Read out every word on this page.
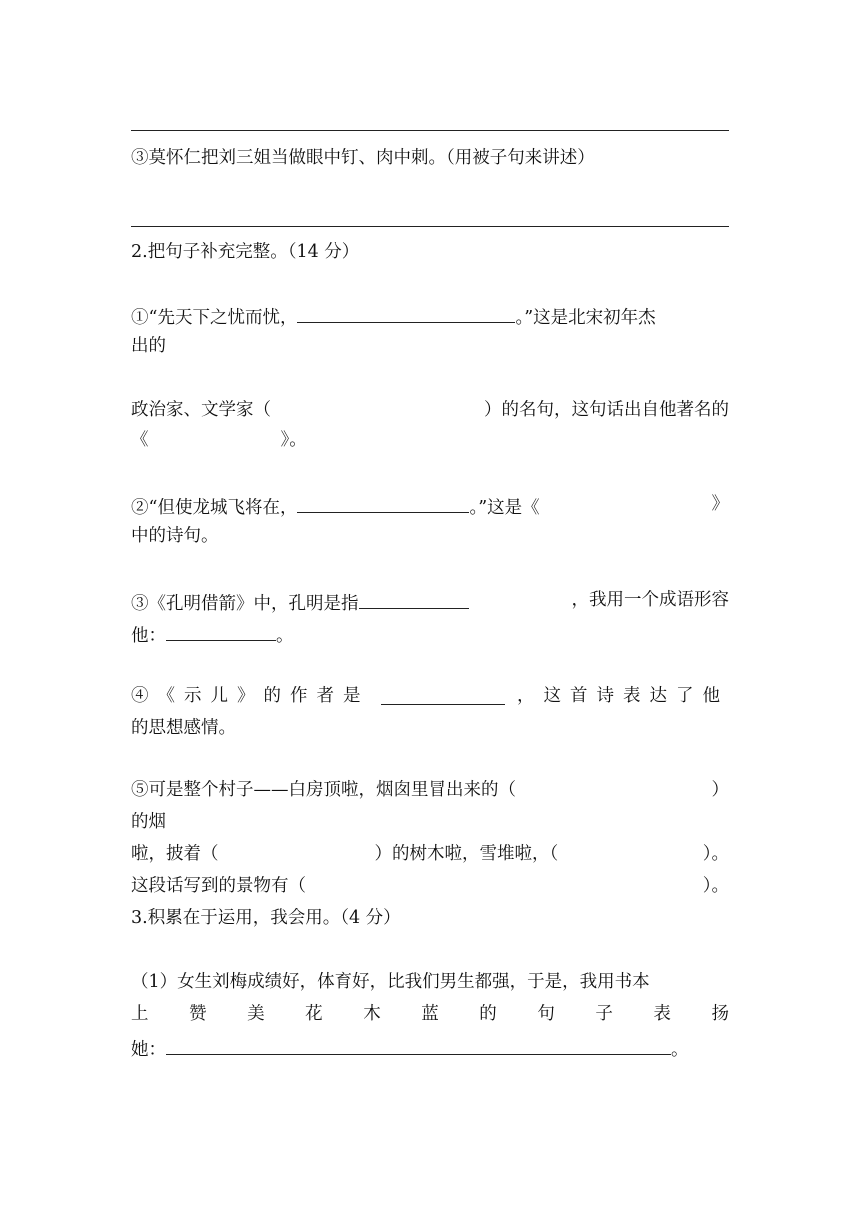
③莫怀仁把刘三姐当做眼中钉、肉中刺。（用被子句来讲述）
2.把句子补充完整。（14 分）
①“先天下之忧而忧，	。”这是北宋初年杰
出的
政治家、文学家（	）的名句，这句话出自他著名的
《	》。
②“但使龙城飞将在，	。”这是《	》
中的诗句。
③《孔明借箭》中，孔明是指	，我用一个成语形容
他：	。
④《示儿》的作者是	，这首诗表达了他
的思想感情。
⑤可是整个村子——白房顶啦，烟囱里冒出来的（	）
的烟
啦，披着（	）的树木啦，雪堆啦，（	）。
这段话写到的景物有（	）。
3.积累在于运用，我会用。（4 分）
（1）女生刘梅成绩好，体育好，比我们男生都强，于是，我用书本
上 赞 美 花 木 蓝 的 句 子 表 扬
她：	。
